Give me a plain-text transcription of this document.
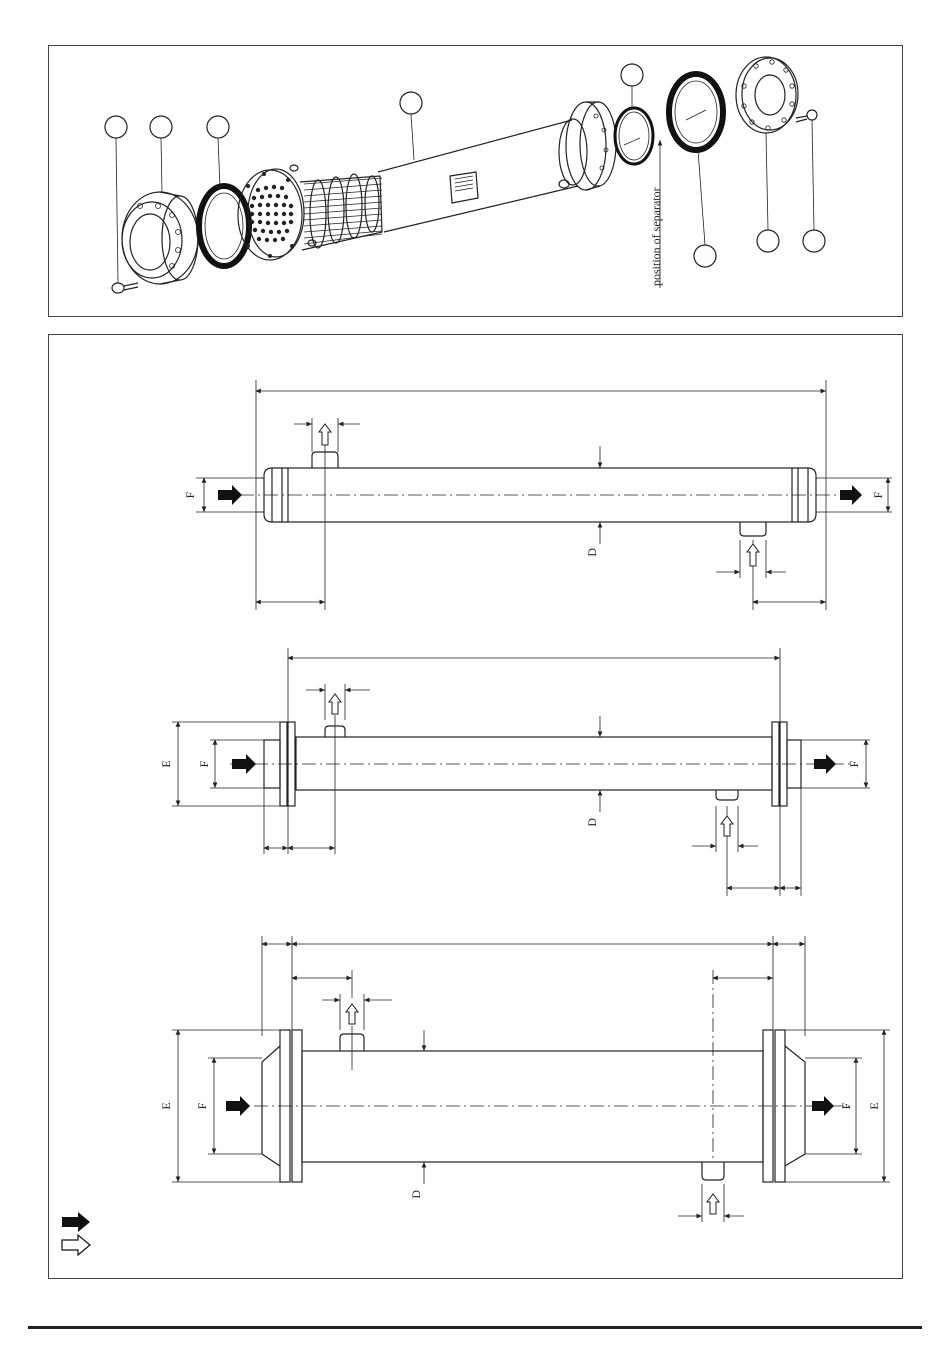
position of separator
D
F	F
D
E F	F
D
E F	F E
